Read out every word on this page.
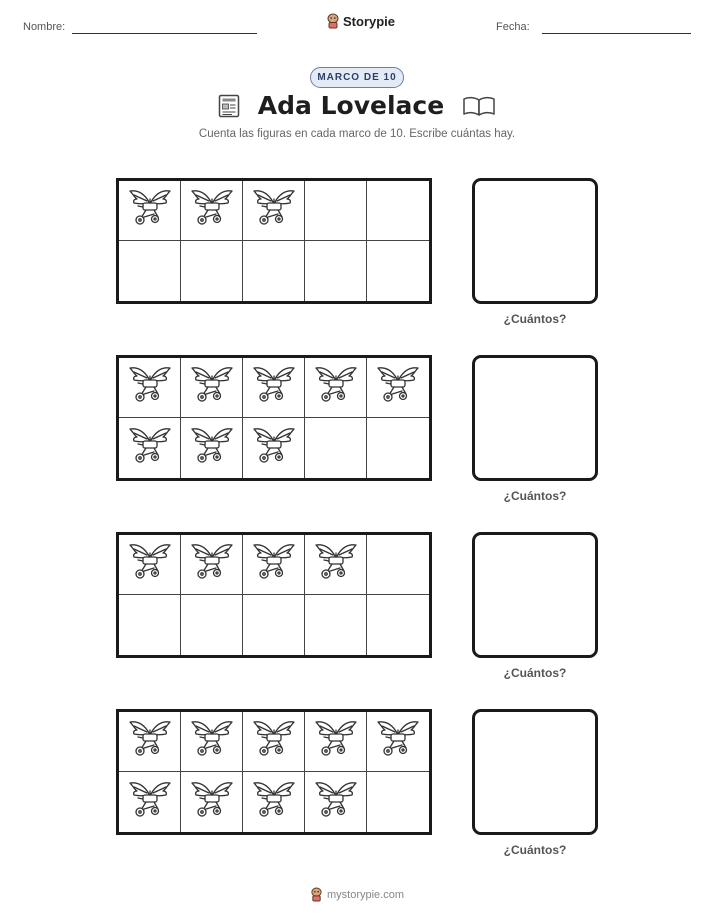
Nombre:	Storypie	Fecha:
MARCO DE 10
Ada Lovelace
Cuenta las figuras en cada marco de 10. Escribe cuántas hay.
¿Cuántos?
¿Cuántos?
¿Cuántos?
¿Cuántos?
mystorypie.com
